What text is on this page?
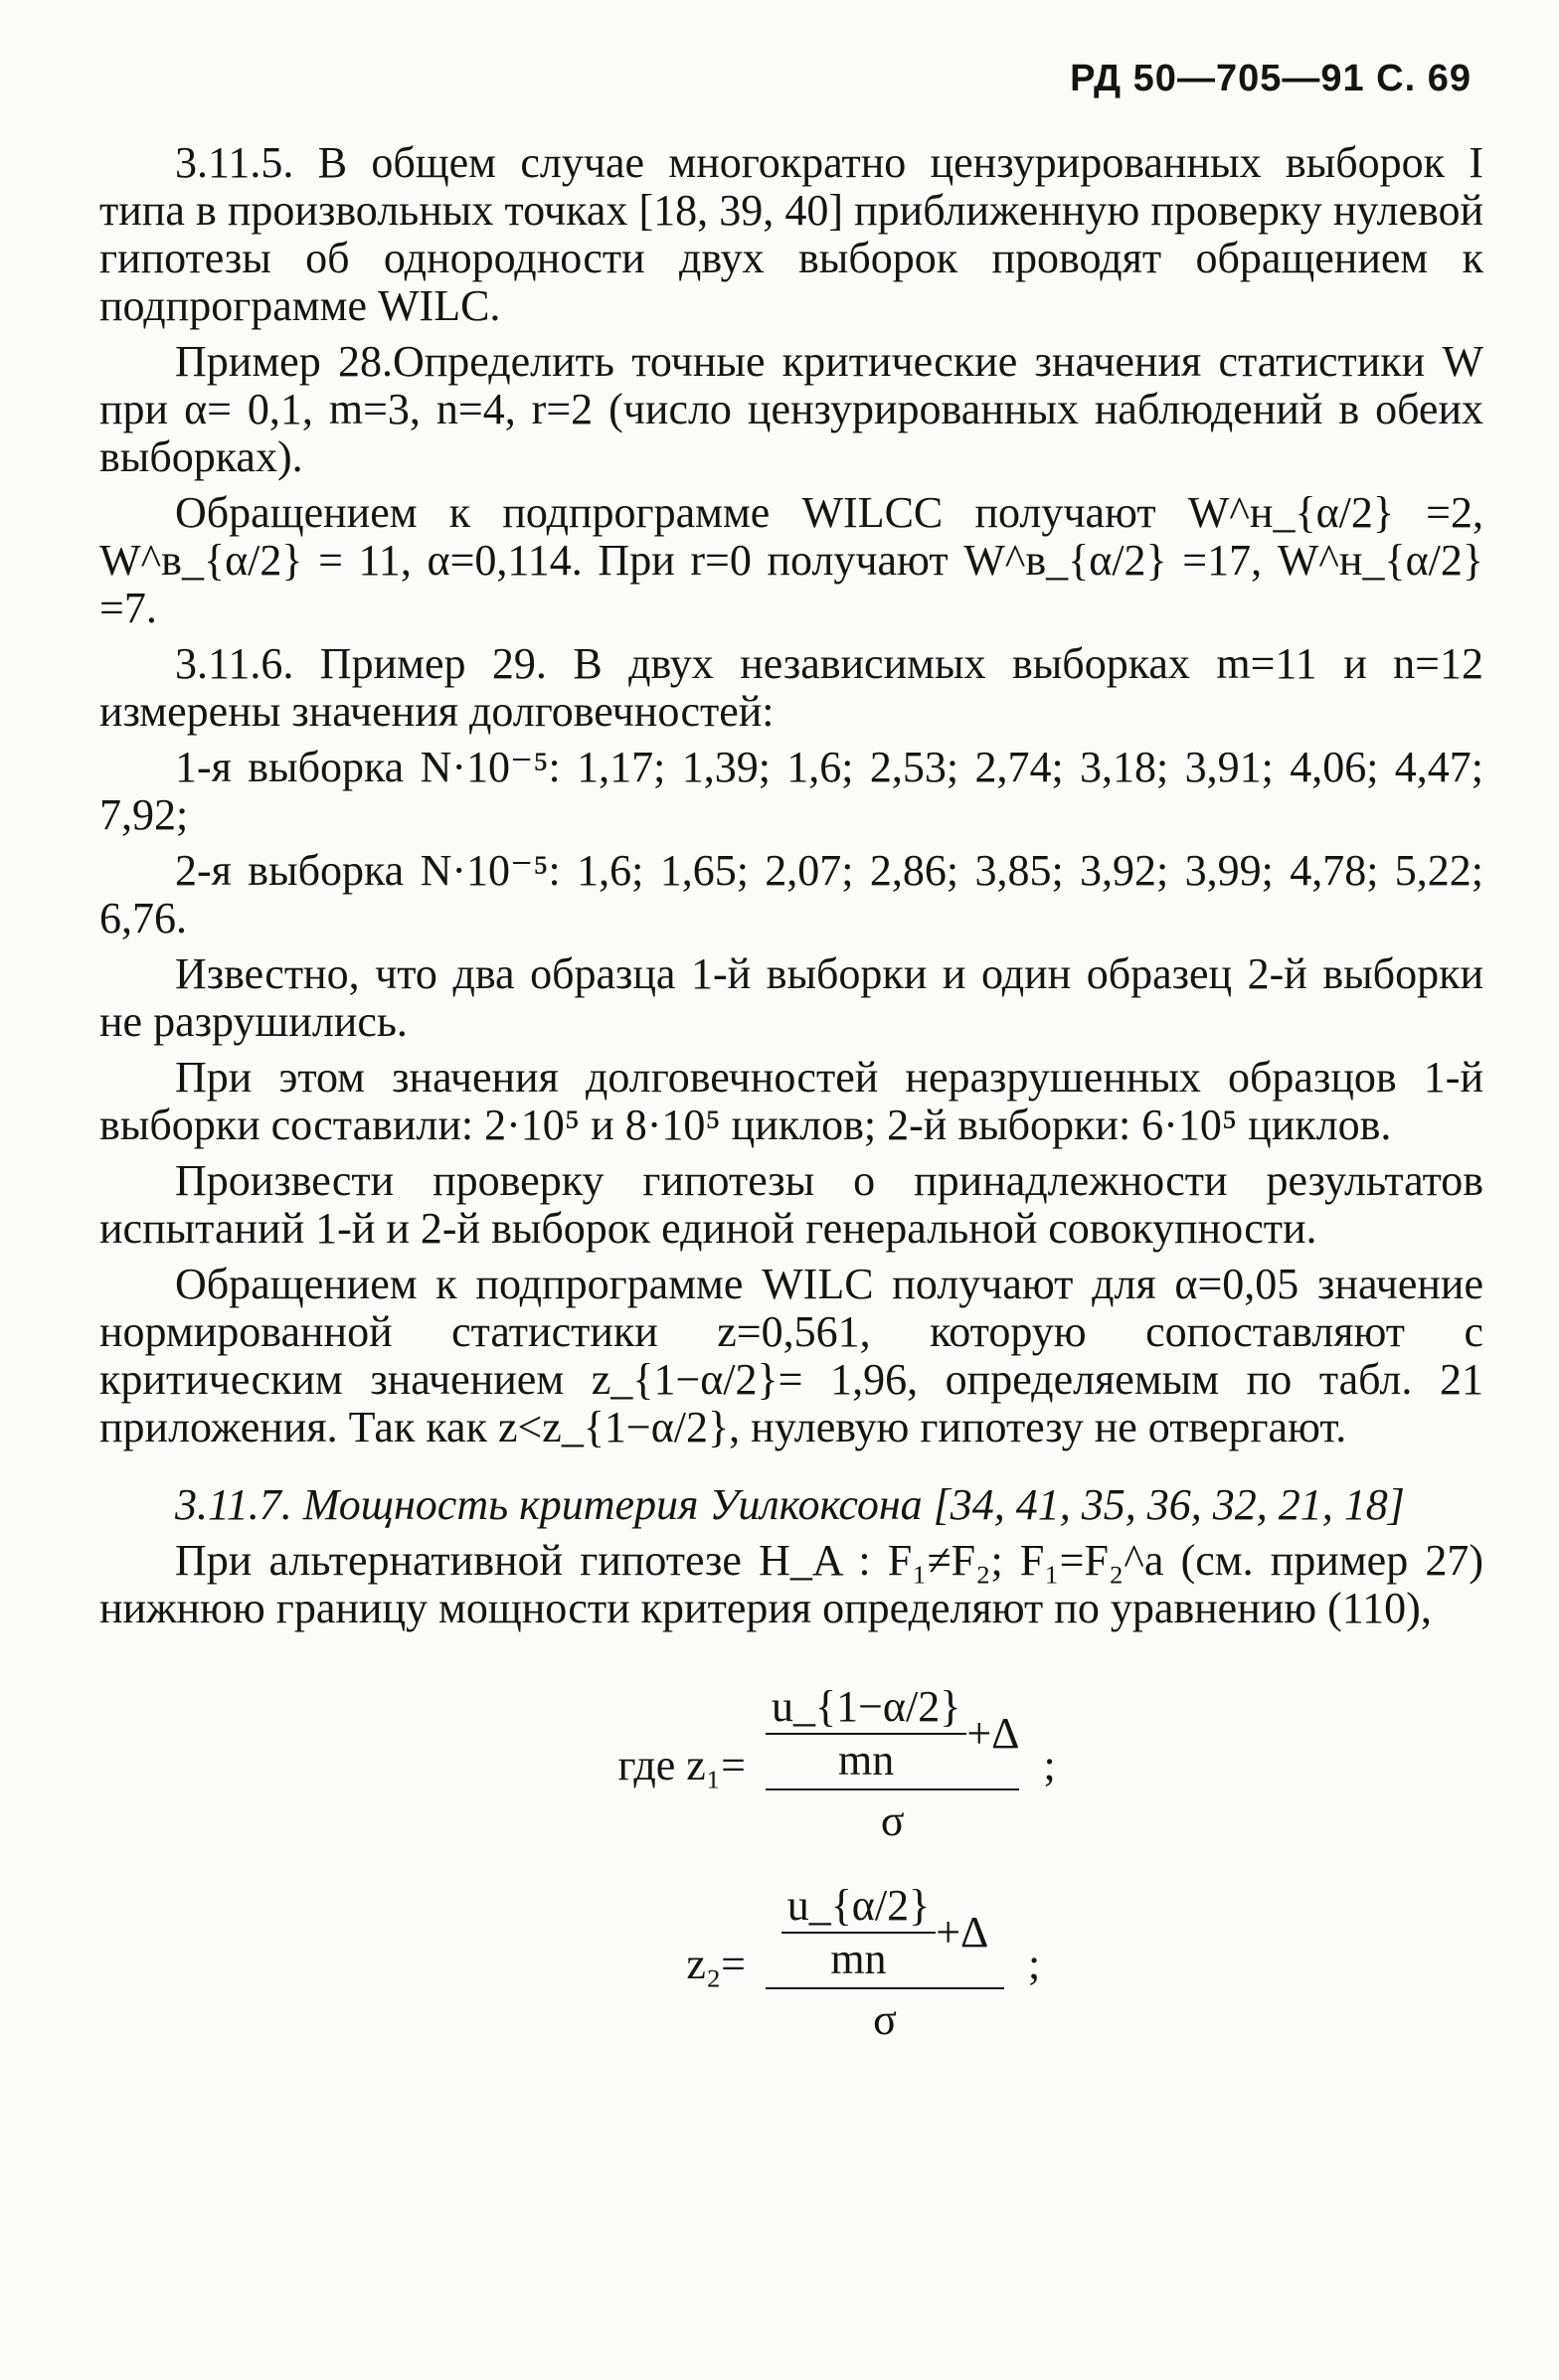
РД 50—705—91 С. 69

3.11.5. В общем случае многократно цензурированных выборок I типа в произвольных точках [18, 39, 40] приближенную проверку нулевой гипотезы об однородности двух выборок проводят обращением к подпрограмме WILC.

Пример 28.Определить точные критические значения статистики W при α= 0,1, m=3, n=4, r=2 (число цензурированных наблюдений в обеих выборках).

Обращением к подпрограмме WILCC получают W^н_{α/2} =2, W^в_{α/2} = 11, α=0,114. При r=0 получают W^в_{α/2} =17, W^н_{α/2} =7.

3.11.6. Пример 29. В двух независимых выборках m=11 и n=12 измерены значения долговечностей:

1-я выборка N·10⁻⁵: 1,17; 1,39; 1,6; 2,53; 2,74; 3,18; 3,91; 4,06; 4,47; 7,92;

2-я выборка N·10⁻⁵: 1,6; 1,65; 2,07; 2,86; 3,85; 3,92; 3,99; 4,78; 5,22; 6,76.

Известно, что два образца 1-й выборки и один образец 2-й выборки не разрушились.

При этом значения долговечностей неразрушенных образцов 1-й выборки составили: 2·10⁵ и 8·10⁵ циклов; 2-й выборки: 6·10⁵ циклов.

Произвести проверку гипотезы о принадлежности результатов испытаний 1-й и 2-й выборок единой генеральной совокупности.

Обращением к подпрограмме WILC получают для α=0,05 значение нормированной статистики z=0,561, которую сопоставляют с критическим значением z_{1−α/2}= 1,96, определяемым по табл. 21 приложения. Так как z<z_{1−α/2}, нулевую гипотезу не отвергают.

3.11.7. Мощность критерия Уилкоксона [34, 41, 35, 36, 32, 21, 18]

При альтернативной гипотезе H_A : F₁≠F₂; F₁=F₂^a (см. пример 27) нижнюю границу мощности критерия определяют по уравнению (110),

где $z_1= \frac{\frac{u\_\{1-\alpha/2\}}{mn} +\Delta}{\sigma}$ ;
$z_2= \frac{\frac{u\_\{\alpha/2\}}{mn} +\Delta}{\sigma}$ ;
